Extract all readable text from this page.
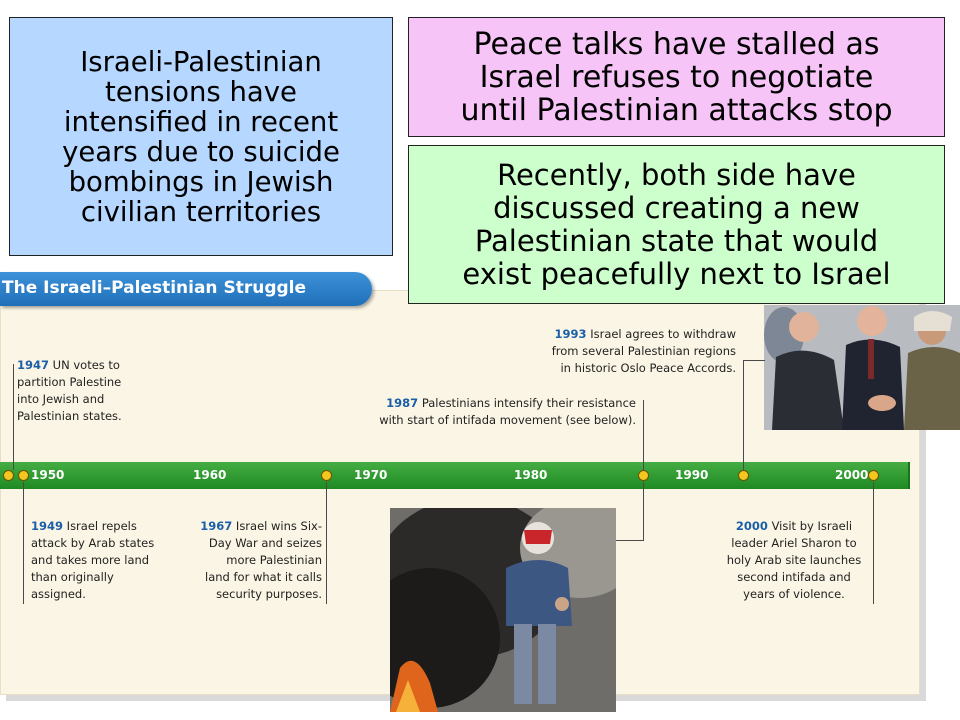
The Israeli–Palestinian Struggle
1950	1960	1970	1980	1990	2000
1947 UN votes to
partition Palestine
into Jewish and
Palestinian states.
1949 Israel repels
attack by Arab states
and takes more land
than originally
assigned.
1967 Israel wins Six-
Day War and seizes
more Palestinian
land for what it calls
security purposes.
1987 Palestinians intensify their resistance
with start of intifada movement (see below).
1993 Israel agrees to withdraw
from several Palestinian regions
in historic Oslo Peace Accords.
2000 Visit by Israeli
leader Ariel Sharon to
holy Arab site launches
second intifada and
years of violence.
Israeli-Palestinian
tensions have
intensified in recent
years due to suicide
bombings in Jewish
civilian territories
Peace talks have stalled as
Israel refuses to negotiate
until Palestinian attacks stop
Recently, both side have
discussed creating a new
Palestinian state that would
exist peacefully next to Israel
